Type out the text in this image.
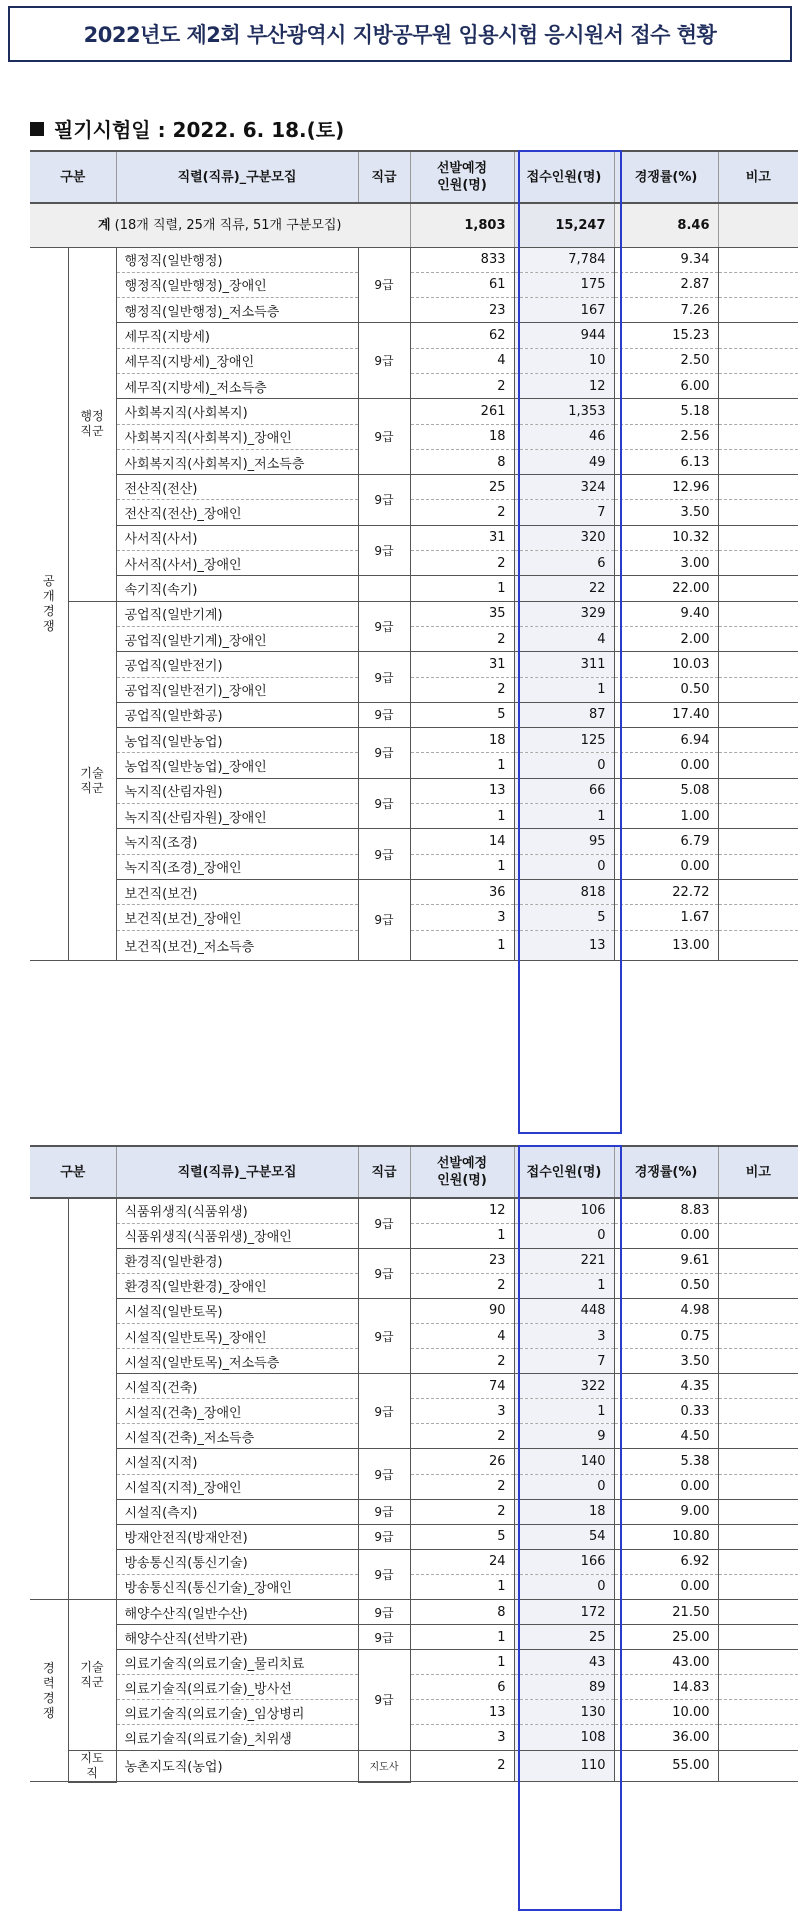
2022년도 제2회 부산광역시 지방공무원 임용시험 응시원서 접수 현황
필기시험일 : 2022. 6. 18.(토)
구분		직렬(직류)_구분모집	직급	선발예정
인원(명)	접수인원(명)	경쟁률(%)	비고
계 (18개 직렬, 25개 직류, 51개 구분모집)				1,803	15,247	8.46	
공개 경쟁	행정 직군	행정직(일반행정)	9급	833	7,784	9.34	
		행정직(일반행정)_장애인		61	175	2.87	
		행정직(일반행정)_저소득층		23	167	7.26	
		세무직(지방세)	9급	62	944	15.23	
		세무직(지방세)_장애인		4	10	2.50	
		세무직(지방세)_저소득층		2	12	6.00	
		사회복지직(사회복지)	9급	261	1,353	5.18	
		사회복지직(사회복지)_장애인		18	46	2.56	
		사회복지직(사회복지)_저소득층		8	49	6.13	
		전산직(전산)	9급	25	324	12.96	
		전산직(전산)_장애인		2	7	3.50	
		사서직(사서)	9급	31	320	10.32	
		사서직(사서)_장애인		2	6	3.00	
		속기직(속기)		1	22	22.00	
	기술 직군	공업직(일반기계)	9급	35	329	9.40	
		공업직(일반기계)_장애인		2	4	2.00	
		공업직(일반전기)	9급	31	311	10.03	
		공업직(일반전기)_장애인		2	1	0.50	
		공업직(일반화공)	9급	5	87	17.40	
		농업직(일반농업)	9급	18	125	6.94	
		농업직(일반농업)_장애인		1	0	0.00	
		녹지직(산림자원)	9급	13	66	5.08	
		녹지직(산림자원)_장애인		1	1	1.00	
		녹지직(조경)	9급	14	95	6.79	
		녹지직(조경)_장애인		1	0	0.00	
		보건직(보건)	9급	36	818	22.72	
		보건직(보건)_장애인		3	5	1.67	
		보건직(보건)_저소득층		1	13	13.00	
구분		직렬(직류)_구분모집	직급	선발예정
인원(명)	접수인원(명)	경쟁률(%)	비고
		식품위생직(식품위생)	9급	12	106	8.83	
		식품위생직(식품위생)_장애인		1	0	0.00	
		환경직(일반환경)	9급	23	221	9.61	
		환경직(일반환경)_장애인		2	1	0.50	
		시설직(일반토목)	9급	90	448	4.98	
		시설직(일반토목)_장애인		4	3	0.75	
		시설직(일반토목)_저소득층		2	7	3.50	
		시설직(건축)	9급	74	322	4.35	
		시설직(건축)_장애인		3	1	0.33	
		시설직(건축)_저소득층		2	9	4.50	
		시설직(지적)	9급	26	140	5.38	
		시설직(지적)_장애인		2	0	0.00	
		시설직(측지)	9급	2	18	9.00	
		방재안전직(방재안전)	9급	5	54	10.80	
		방송통신직(통신기술)	9급	24	166	6.92	
		방송통신직(통신기술)_장애인		1	0	0.00	
경력 경쟁	기술 직군	해양수산직(일반수산)	9급	8	172	21.50	
		해양수산직(선박기관)	9급	1	25	25.00	
		의료기술직(의료기술)_물리치료	9급	1	43	43.00	
		의료기술직(의료기술)_방사선		6	89	14.83	
		의료기술직(의료기술)_임상병리		13	130	10.00	
		의료기술직(의료기술)_치위생		3	108	36.00	
	지도직	농촌지도직(농업)	지도사	2	110	55.00	
